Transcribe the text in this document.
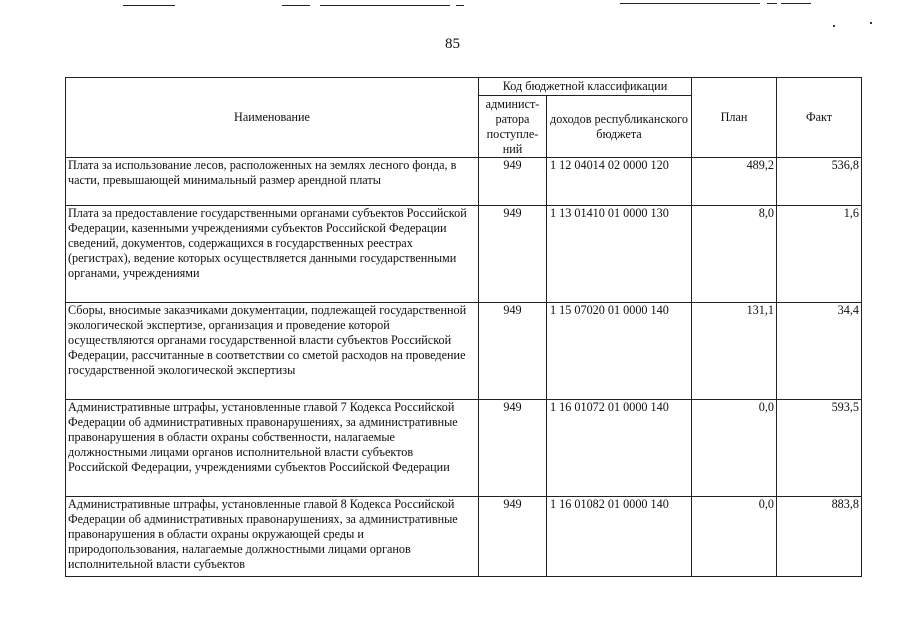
85
Наименование	Код бюджетной классификации		План	Факт
	админист-ратора поступле-ний	доходов республиканского бюджета		
Плата за использование лесов, расположенных на землях лесного фонда, в части, превышающей минимальный размер арендной платы	949	1 12 04014 02 0000 120	489,2	536,8
Плата за предоставление государственными органами субъектов Российской Федерации, казенными учреждениями субъектов Российской Федерации сведений, документов, содержащихся в государственных реестрах (регистрах), ведение которых осуществляется данными государственными органами, учреждениями	949	1 13 01410 01 0000 130	8,0	1,6
Сборы, вносимые заказчиками документации, подлежащей государственной экологической экспертизе, организация и проведение которой осуществляются органами государственной власти субъектов Российской Федерации, рассчитанные в соответствии со сметой расходов на проведение государственной экологической экспертизы	949	1 15 07020 01 0000 140	131,1	34,4
Административные штрафы, установленные главой 7 Кодекса Российской Федерации об административных правонарушениях, за административные правонарушения в области охраны собственности, налагаемые должностными лицами органов исполнительной власти субъектов Российской Федерации, учреждениями субъектов Российской Федерации	949	1 16 01072 01 0000 140	0,0	593,5
Административные штрафы, установленные главой 8 Кодекса Российской Федерации об административных правонарушениях, за административные правонарушения в области охраны окружающей среды и природопользования, налагаемые должностными лицами органов исполнительной власти субъектов	949	1 16 01082 01 0000 140	0,0	883,8
